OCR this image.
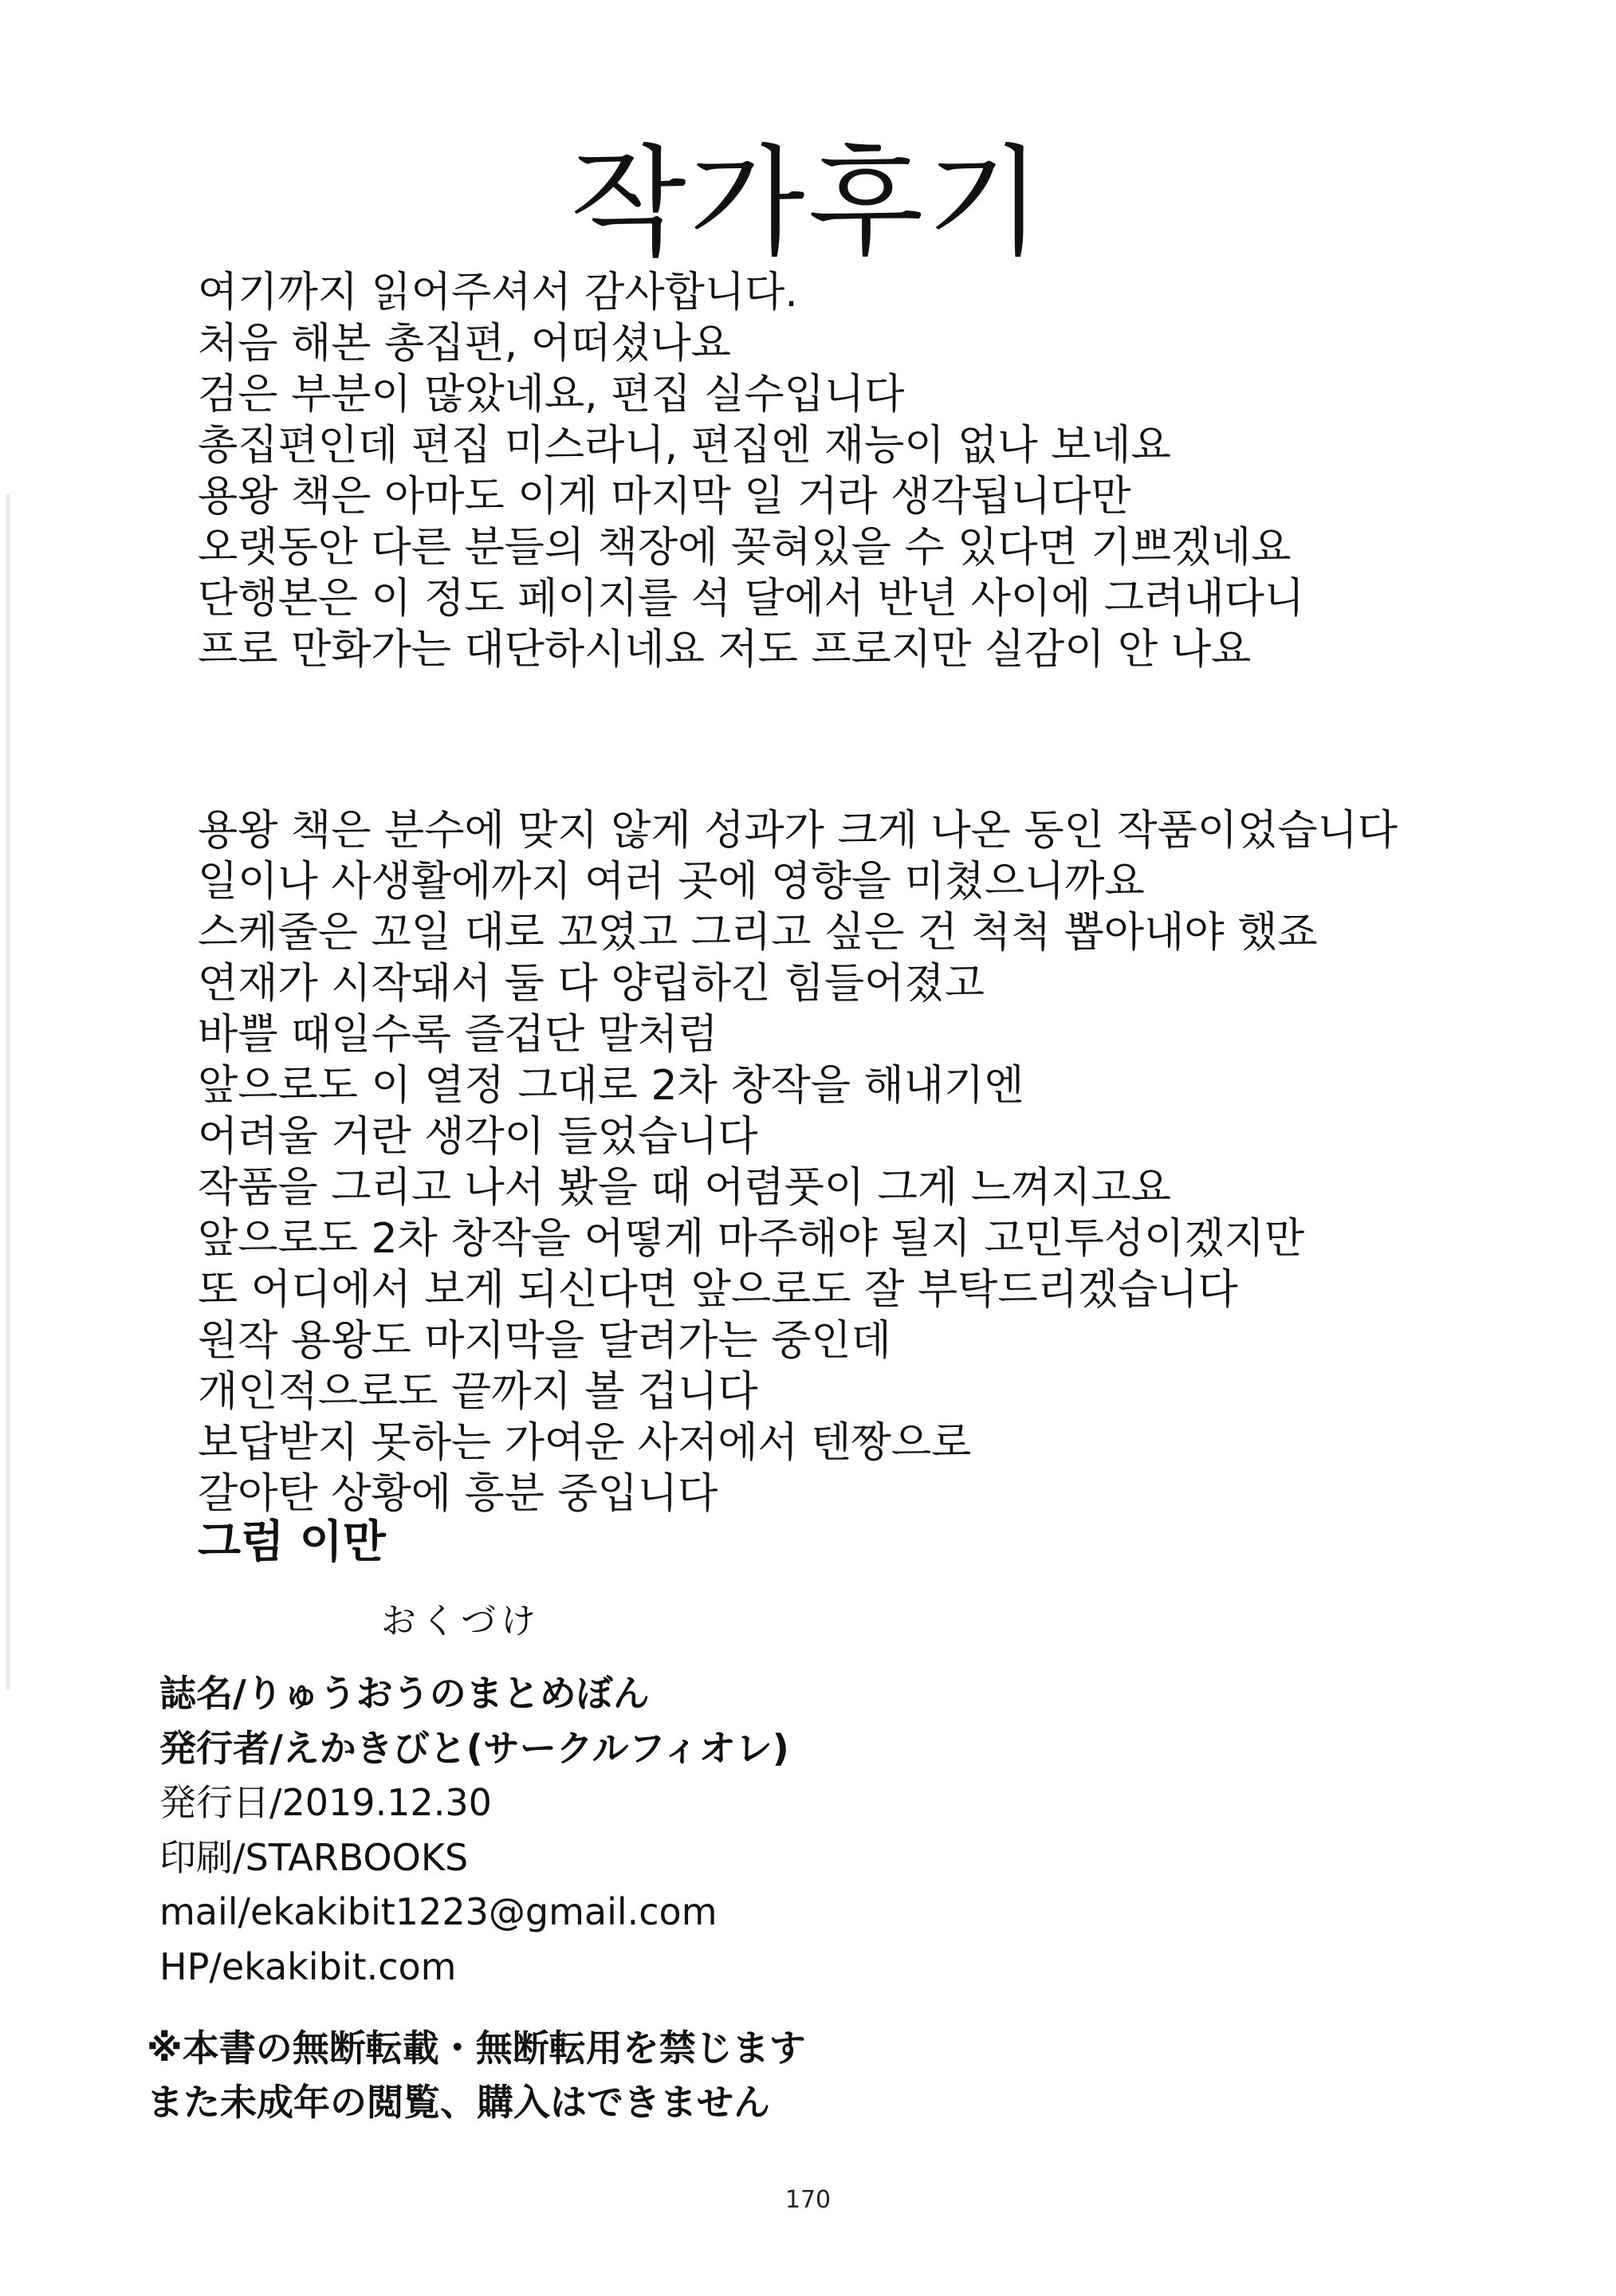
작가후기
여기까지 읽어주셔서 감사합니다.
처음 해본 총집편, 어떠셨나요
검은 부분이 많았네요, 편집 실수입니다
총집편인데 편집 미스라니, 편집엔 재능이 없나 보네요
용왕 책은 아마도 이게 마지막 일 거라 생각됩니다만
오랫동안 다른 분들의 책장에 꽂혀있을 수 있다면 기쁘겠네요
단행본은 이 정도 페이지를 석 달에서 반년 사이에 그려내다니
프로 만화가는 대단하시네요 저도 프로지만 실감이 안 나요
용왕 책은 분수에 맞지 않게 성과가 크게 나온 동인 작품이었습니다
일이나 사생활에까지 여러 곳에 영향을 미쳤으니까요
스케줄은 꼬일 대로 꼬였고 그리고 싶은 건 척척 뽑아내야 했죠
연재가 시작돼서 둘 다 양립하긴 힘들어졌고
바쁠 때일수록 즐겁단 말처럼
앞으로도 이 열정 그대로 2차 창작을 해내기엔
어려울 거란 생각이 들었습니다
작품을 그리고 나서 봤을 때 어렴풋이 그게 느껴지고요
앞으로도 2차 창작을 어떻게 마주해야 될지 고민투성이겠지만
또 어디에서 보게 되신다면 앞으로도 잘 부탁드리겠습니다
원작 용왕도 마지막을 달려가는 중인데
개인적으로도 끝까지 볼 겁니다
보답받지 못하는 가여운 사저에서 텐짱으로
갈아탄 상황에 흥분 중입니다
그럼 이만
おくづけ
誌名/りゅうおうのまとめぼん
発行者/えかきびと(サークルフィオレ)
発行日/2019.12.30
印刷/STARBOOKS
mail/ekakibit1223@gmail.com
HP/ekakibit.com
※本書の無断転載・無断転用を禁じます
また未成年の閲覧、購入はできません
170
